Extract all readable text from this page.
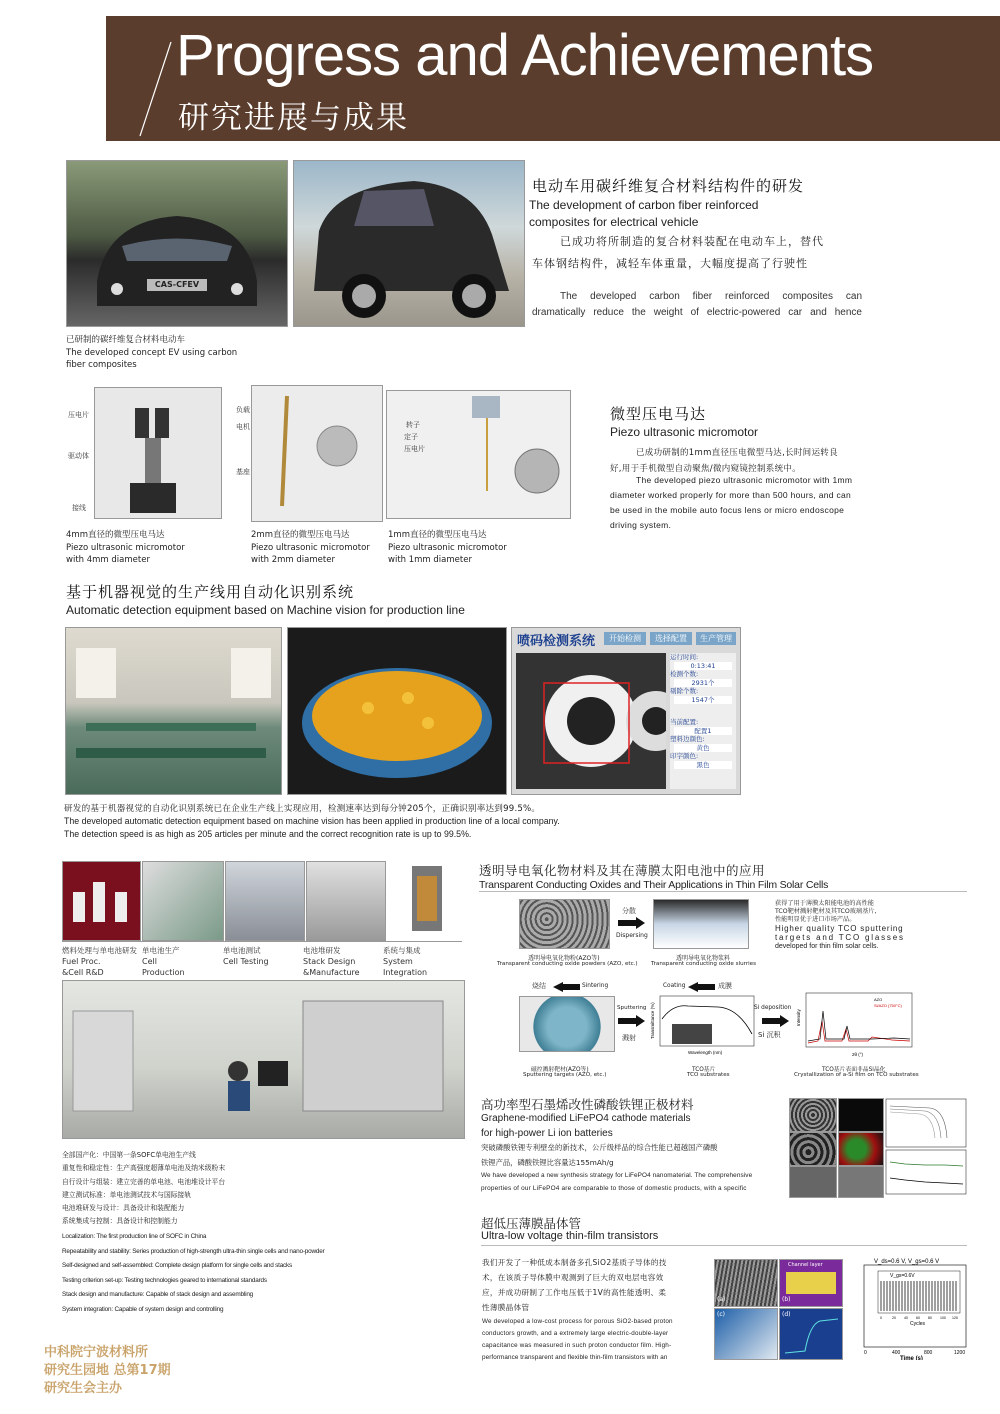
Progress and Achievements
研究进展与成果
CAS-CFEV
已研制的碳纤维复合材料电动车
The developed concept EV using carbon
fiber composites
电动车用碳纤维复合材料结构件的研发
The development of carbon fiber reinforced
composites for electrical vehicle
已成功将所制造的复合材料装配在电动车上，替代
车体钢结构件，减轻车体重量，大幅度提高了行驶性
The developed carbon fiber reinforced composites can
dramatically reduce the weight of electric-powered car and hence
压电片
驱动体
接线
负载
电机
基座
转子
定子
压电片
4mm直径的微型压电马达
Piezo ultrasonic micromotor
with 4mm diameter
2mm直径的微型压电马达
Piezo ultrasonic micromotor
with 2mm diameter
1mm直径的微型压电马达
Piezo ultrasonic micromotor
with 1mm diameter
微型压电马达
Piezo ultrasonic micromotor
已成功研制的1mm直径压电微型马达,长时间运转良
好,用于手机微型自动聚焦/微内窥镜控制系统中。
The developed piezo ultrasonic micromotor with 1mm
diameter worked properly for more than 500 hours, and can
be used in the mobile auto focus lens or micro endoscope
driving system.
基于机器视觉的生产线用自动化识别系统
Automatic detection equipment based on Machine vision for production line
喷码检测系统	开始检测	选择配置	生产管理
运行时间:
0:13:41
检测个数:
2931个
剔除个数:
1547个
当前配置:
配置1
塑料边颜色:
黄色
印字颜色:
黑色
研发的基于机器视觉的自动化识别系统已在企业生产线上实现应用，检测速率达到每分钟205个，正确识别率达到99.5%。
The developed automatic detection equipment based on machine vision has been applied in production line of a local company.
The detection speed is as high as 205 articles per minute and the correct recognition rate is up to 99.5%.
燃料处理与单电池研发
Fuel Proc.
&Cell R&D
单电池生产
Cell
Production
单电池测试
Cell Testing
电池堆研发
Stack Design
&Manufacture
系统与集成
System
Integration
全部国产化：中国第一条SOFC单电池生产线
重复性和稳定性：生产高强度超薄单电池及纳米级粉末
自行设计与组装：建立完善的单电池、电池堆设计平台
建立测试标准：单电池测试技术与国际接轨
电池堆研发与设计：具备设计和装配能力
系统集成与控制：具备设计和控制能力
Localization: The first production line of SOFC in China
Repeatability and stability: Series production of high-strength ultra-thin single cells and nano-powder
Self-designed and self-assembled: Complete design platform for single cells and stacks
Testing criterion set-up: Testing technologies geared to international standards
Stack design and manufacture: Capable of stack design and assembling
System integration: Capable of system design and controlling
透明导电氧化物材料及其在薄膜太阳电池中的应用
Transparent Conducting Oxides and Their Applications in Thin Film Solar Cells
分散
Dispersing
透明导电氧化物粉(AZO等)
Transparent conducting oxide powders (AZO, etc.)
透明导电氧化物浆料
Transparent conducting oxide slurries
获得了用于薄膜太阳能电池的高性能
TCO靶材溅射靶材及其TCO玻璃基片,
性能明显优于进口市场产品。
Higher quality TCO sputtering
targets and TCO glasses
developed for thin film solar cells.
烧结	Sintering	Coating	成膜
Sputtering
溅射
Wavelength (nm)
Transmittance (%)	Si deposition
Si 沉积
AZO
Si/AZO (750°C)
2θ (°)
Intensity
磁控溅射靶材(AZO等)
Sputtering targets (AZO, etc.)
TCO基片
TCO substrates
TCO基片表面非晶Si晶化
Crystallization of a-Si film on TCO substrates
高功率型石墨烯改性磷酸铁锂正极材料
Graphene-modified LiFePO4 cathode materials
for high-power Li ion batteries
突破磷酸铁锂专利壁垒的新技术，公斤级样品的综合性能已超越国产磷酸
铁锂产品，磷酸铁锂比容量达155mAh/g
We have developed a new synthesis strategy for LiFePO4 nanomaterial. The comprehensive
properties of our LiFePO4 are comparable to those of domestic products, with a specific
超低压薄膜晶体管
Ultra-low voltage thin-film transistors
我们开发了一种低成本制备多孔SiO2基质子导体的技
术，在该质子导体膜中观测到了巨大的双电层电容效
应，并成功研制了工作电压低于1V的高性能透明、柔
性薄膜晶体管
We developed a low-cost process for porous SiO2-based proton
conductors growth, and a extremely large electric-double-layer
capacitance was measured in such proton conductor film. High-
performance transparent and flexible thin-film transistors with an
(a)
Channel layer
(b)
(c)	(d)
V_ds=0.6 V, V_gs=0.6 V
V_gs=0.6V
0	20 40 60 80 100 120
Cycles
0	400	800	1200
Time (s)
中科院宁波材料所
研究生园地 总第17期
研究生会主办
